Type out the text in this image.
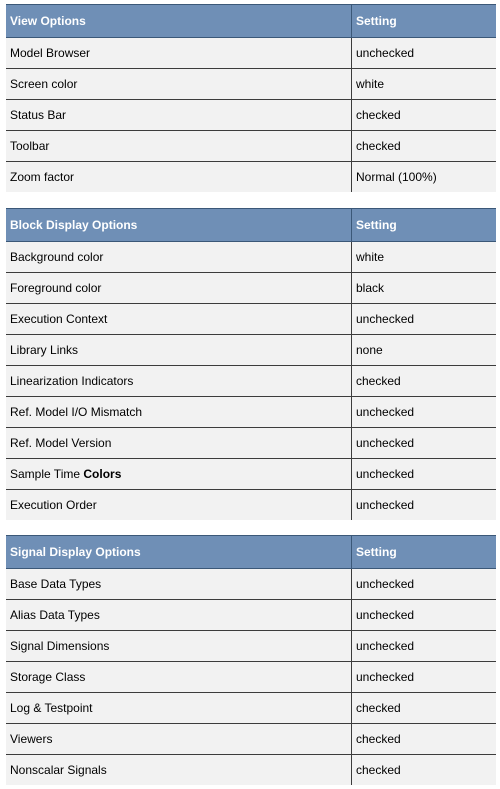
View Options	Setting
Model Browser	unchecked
Screen color	white
Status Bar	checked
Toolbar	checked
Zoom factor	Normal (100%)
Block Display Options	Setting
Background color	white
Foreground color	black
Execution Context	unchecked
Library Links	none
Linearization Indicators	checked
Ref. Model I/O Mismatch	unchecked
Ref. Model Version	unchecked
Sample Time Colors	unchecked
Execution Order	unchecked
Signal Display Options	Setting
Base Data Types	unchecked
Alias Data Types	unchecked
Signal Dimensions	unchecked
Storage Class	unchecked
Log & Testpoint	checked
Viewers	checked
Nonscalar Signals	checked
